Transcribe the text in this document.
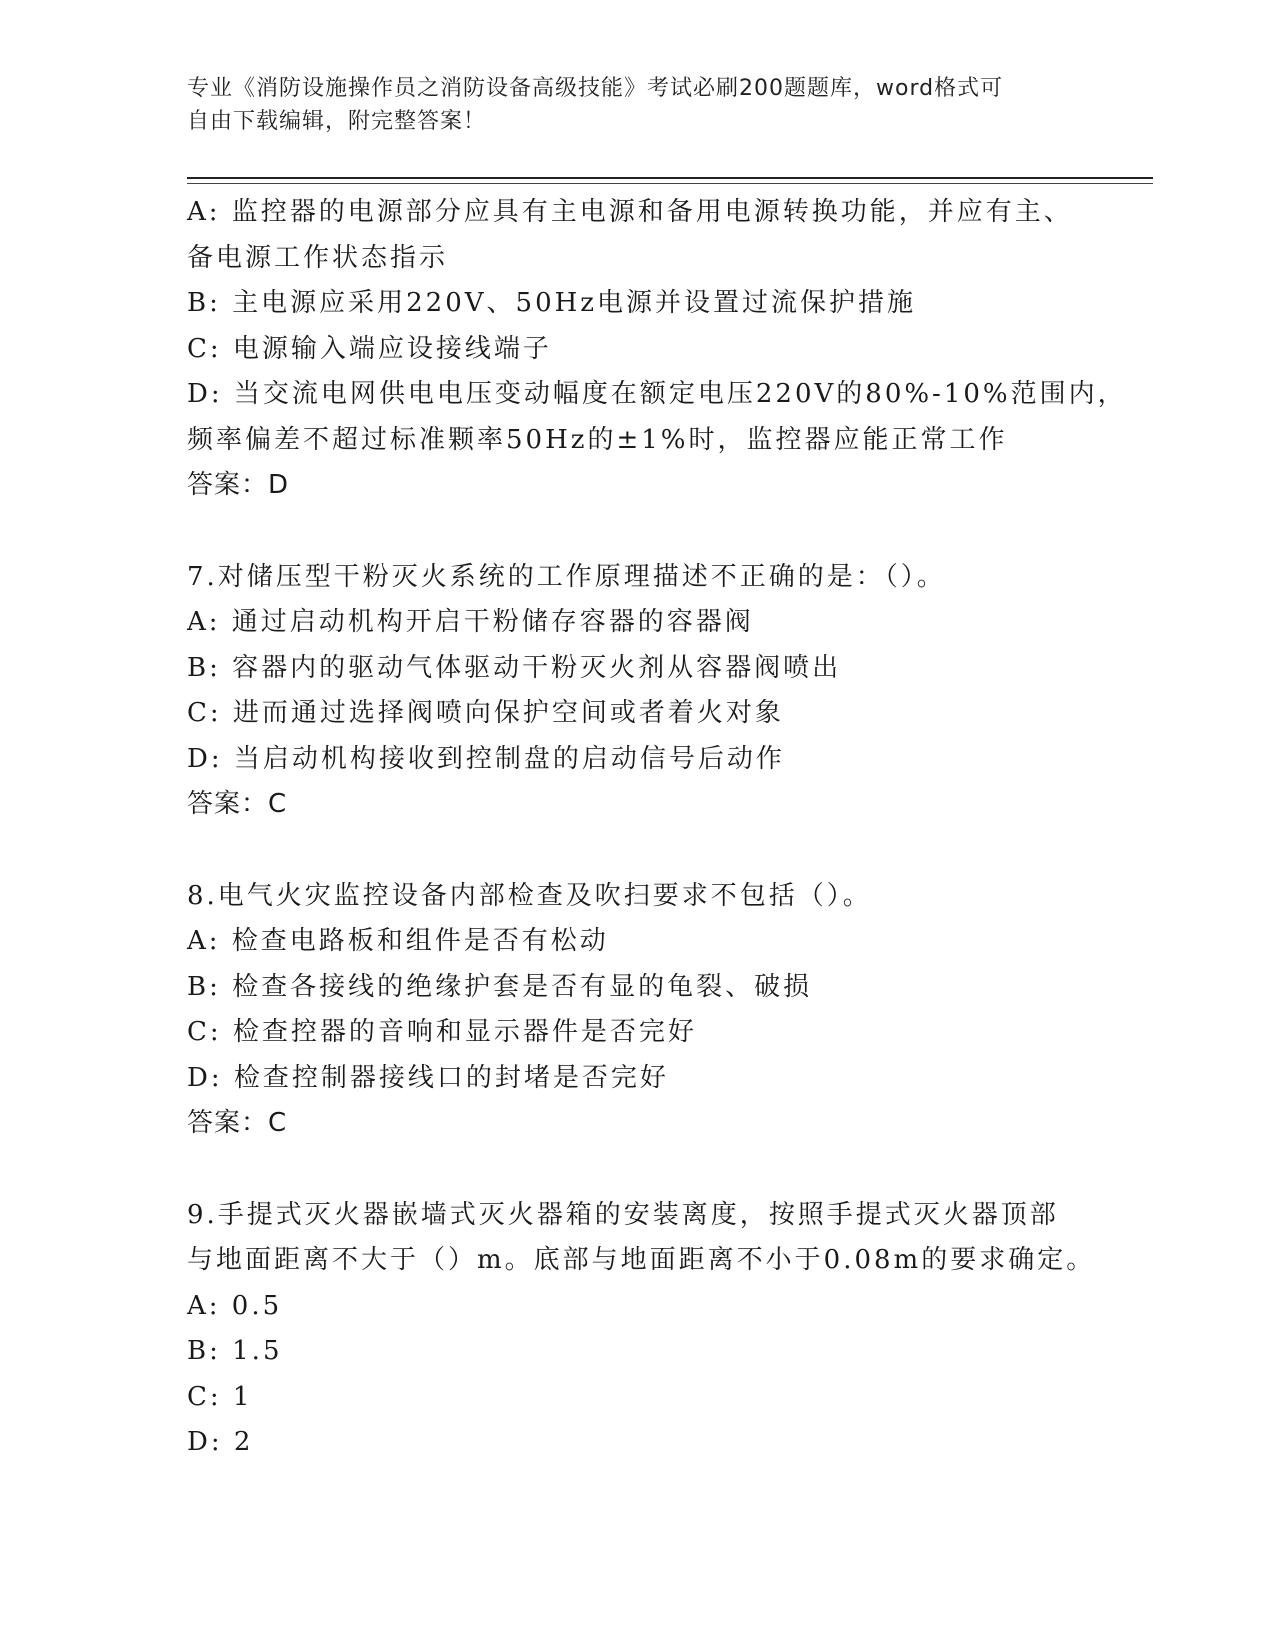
专业《消防设施操作员之消防设备高级技能》考试必刷200题题库，word格式可
自由下载编辑，附完整答案！
A: 监控器的电源部分应具有主电源和备用电源转换功能，并应有主、
备电源工作状态指示
B: 主电源应采用220V、50Hz电源并设置过流保护措施
C: 电源输入端应设接线端子
D: 当交流电网供电电压变动幅度在额定电压220V的80%-10%范围内，
频率偏差不超过标准颗率50Hz的±1%时，监控器应能正常工作
答案：D
7.对储压型干粉灭火系统的工作原理描述不正确的是：（）。
A: 通过启动机构开启干粉储存容器的容器阀
B: 容器内的驱动气体驱动干粉灭火剂从容器阀喷出
C: 进而通过选择阀喷向保护空间或者着火对象
D: 当启动机构接收到控制盘的启动信号后动作
答案：C
8.电气火灾监控设备内部检查及吹扫要求不包括（）。
A: 检查电路板和组件是否有松动
B: 检查各接线的绝缘护套是否有显的龟裂、破损
C: 检查控器的音响和显示器件是否完好
D: 检查控制器接线口的封堵是否完好
答案：C
9.手提式灭火器嵌墙式灭火器箱的安装离度，按照手提式灭火器顶部
与地面距离不大于（）m。底部与地面距离不小于0.08m的要求确定。
A: 0.5
B: 1.5
C: 1
D: 2
